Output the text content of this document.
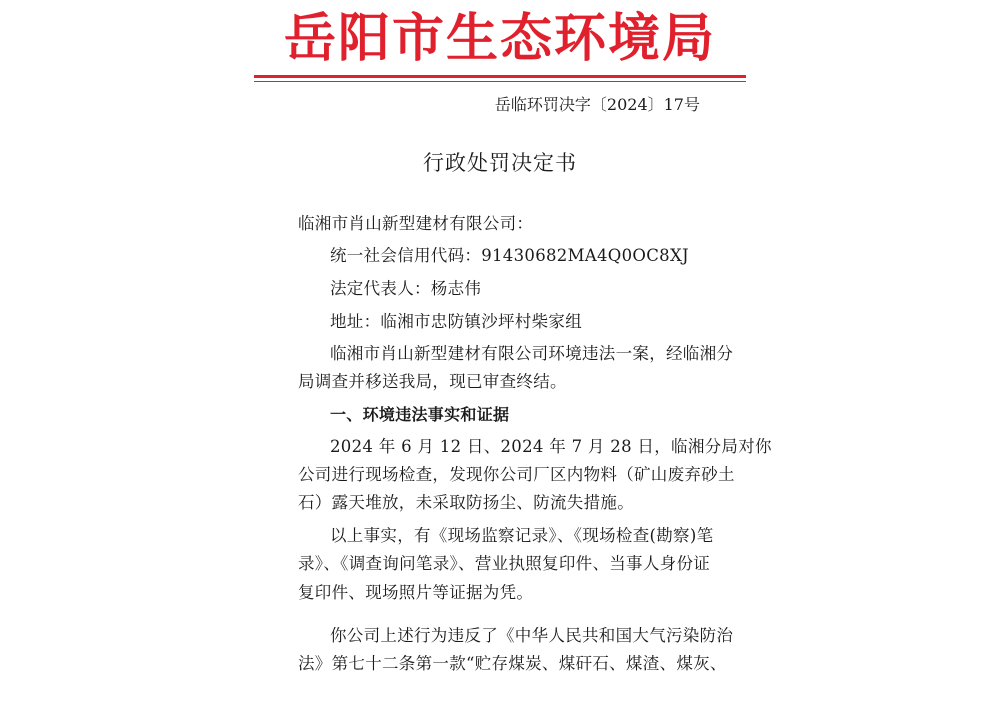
岳阳市生态环境局
岳临环罚决字〔2024〕17号
行政处罚决定书
临湘市肖山新型建材有限公司：
统一社会信用代码：91430682MA4Q0OC8XJ
法定代表人：杨志伟
地址：临湘市忠防镇沙坪村柴家组
临湘市肖山新型建材有限公司环境违法一案，经临湘分
局调查并移送我局，现已审查终结。
一、环境违法事实和证据
2024 年 6 月 12 日、2024 年 7 月 28 日，临湘分局对你
公司进行现场检查，发现你公司厂区内物料（矿山废弃砂土
石）露天堆放，未采取防扬尘、防流失措施。
以上事实，有《现场监察记录》、《现场检查(勘察)笔
录》、《调查询问笔录》、营业执照复印件、当事人身份证
复印件、现场照片等证据为凭。
你公司上述行为违反了《中华人民共和国大气污染防治
法》第七十二条第一款“贮存煤炭、煤矸石、煤渣、煤灰、
